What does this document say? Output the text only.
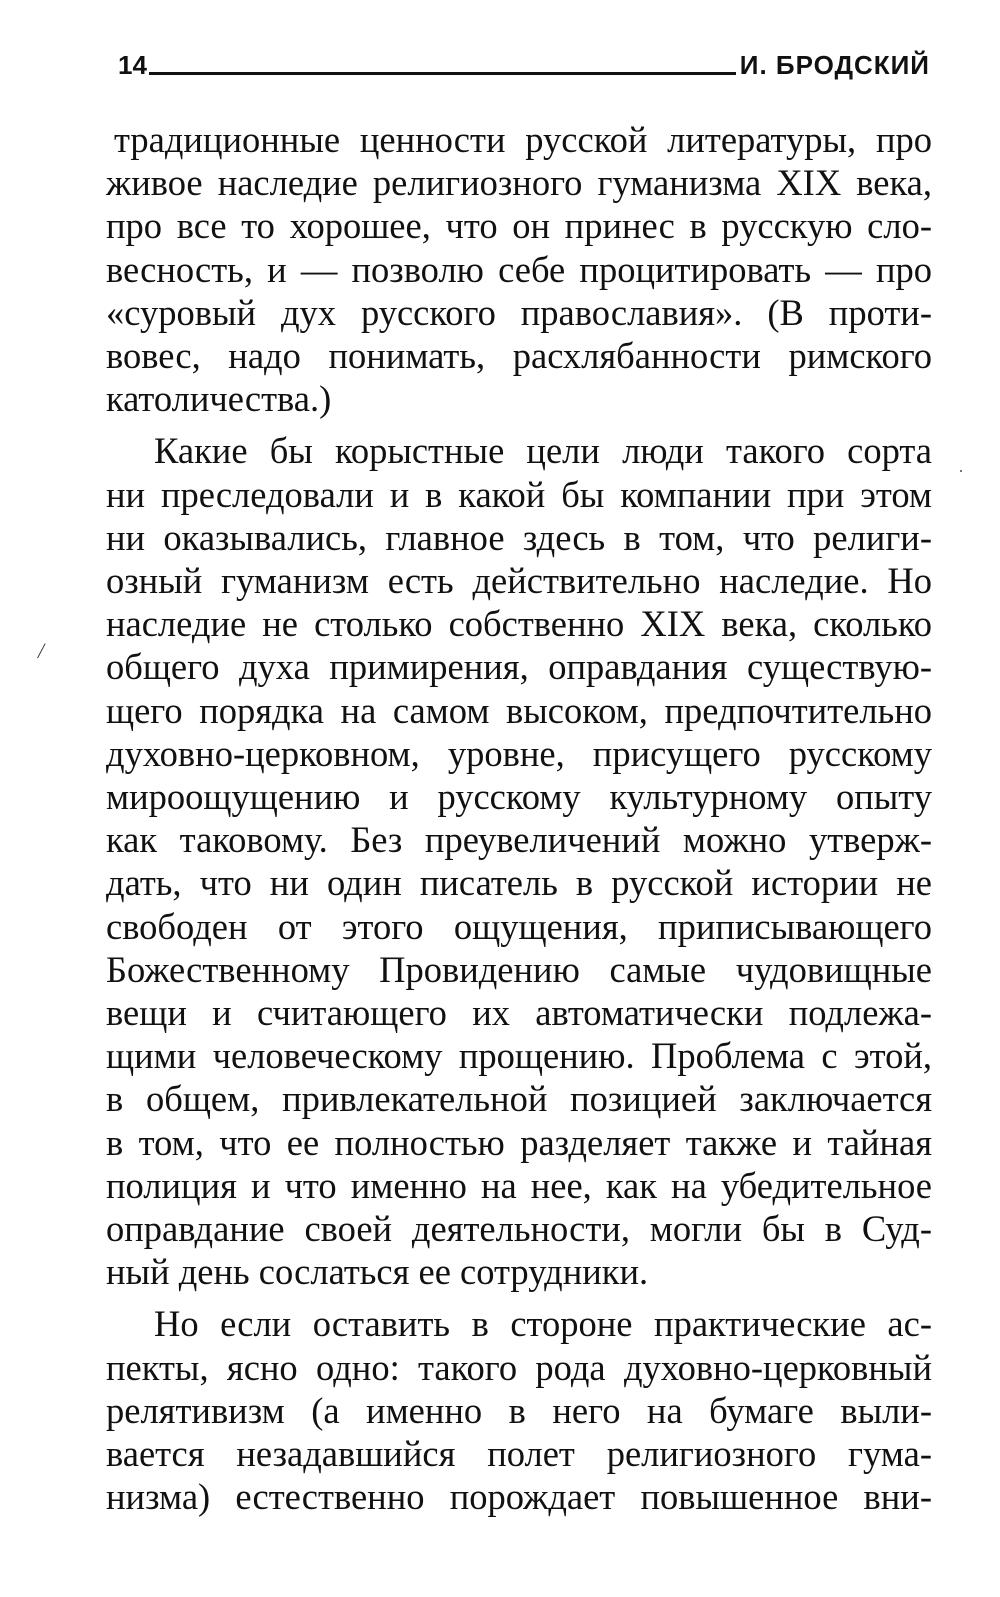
14	И. БРОДСКИЙ

традиционные ценности русской литературы, про
живое наследие религиозного гуманизма XIX века,
про все то хорошее, что он принес в русскую сло-
весность, и — позволю себе процитировать — про
«суровый дух русского православия». (В проти-
вовес, надо понимать, расхлябанности римского
католичества.)

Какие бы корыстные цели люди такого сорта
ни преследовали и в какой бы компании при этом
ни оказывались, главное здесь в том, что религи-
озный гуманизм есть действительно наследие. Но
наследие не столько собственно XIX века, сколько
общего духа примирения, оправдания существую-
щего порядка на самом высоком, предпочтительно
духовно-церковном, уровне, присущего русскому
мироощущению и русскому культурному опыту
как таковому. Без преувеличений можно утверж-
дать, что ни один писатель в русской истории не
свободен от этого ощущения, приписывающего
Божественному Провидению самые чудовищные
вещи и считающего их автоматически подлежа-
щими человеческому прощению. Проблема с этой,
в общем, привлекательной позицией заключается
в том, что ее полностью разделяет также и тайная
полиция и что именно на нее, как на убедительное
оправдание своей деятельности, могли бы в Суд-
ный день сослаться ее сотрудники.

Но если оставить в стороне практические ас-
пекты, ясно одно: такого рода духовно-церковный
релятивизм (а именно в него на бумаге выли-
вается незадавшийся полет религиозного гума-
низма) естественно порождает повышенное вни-

/
